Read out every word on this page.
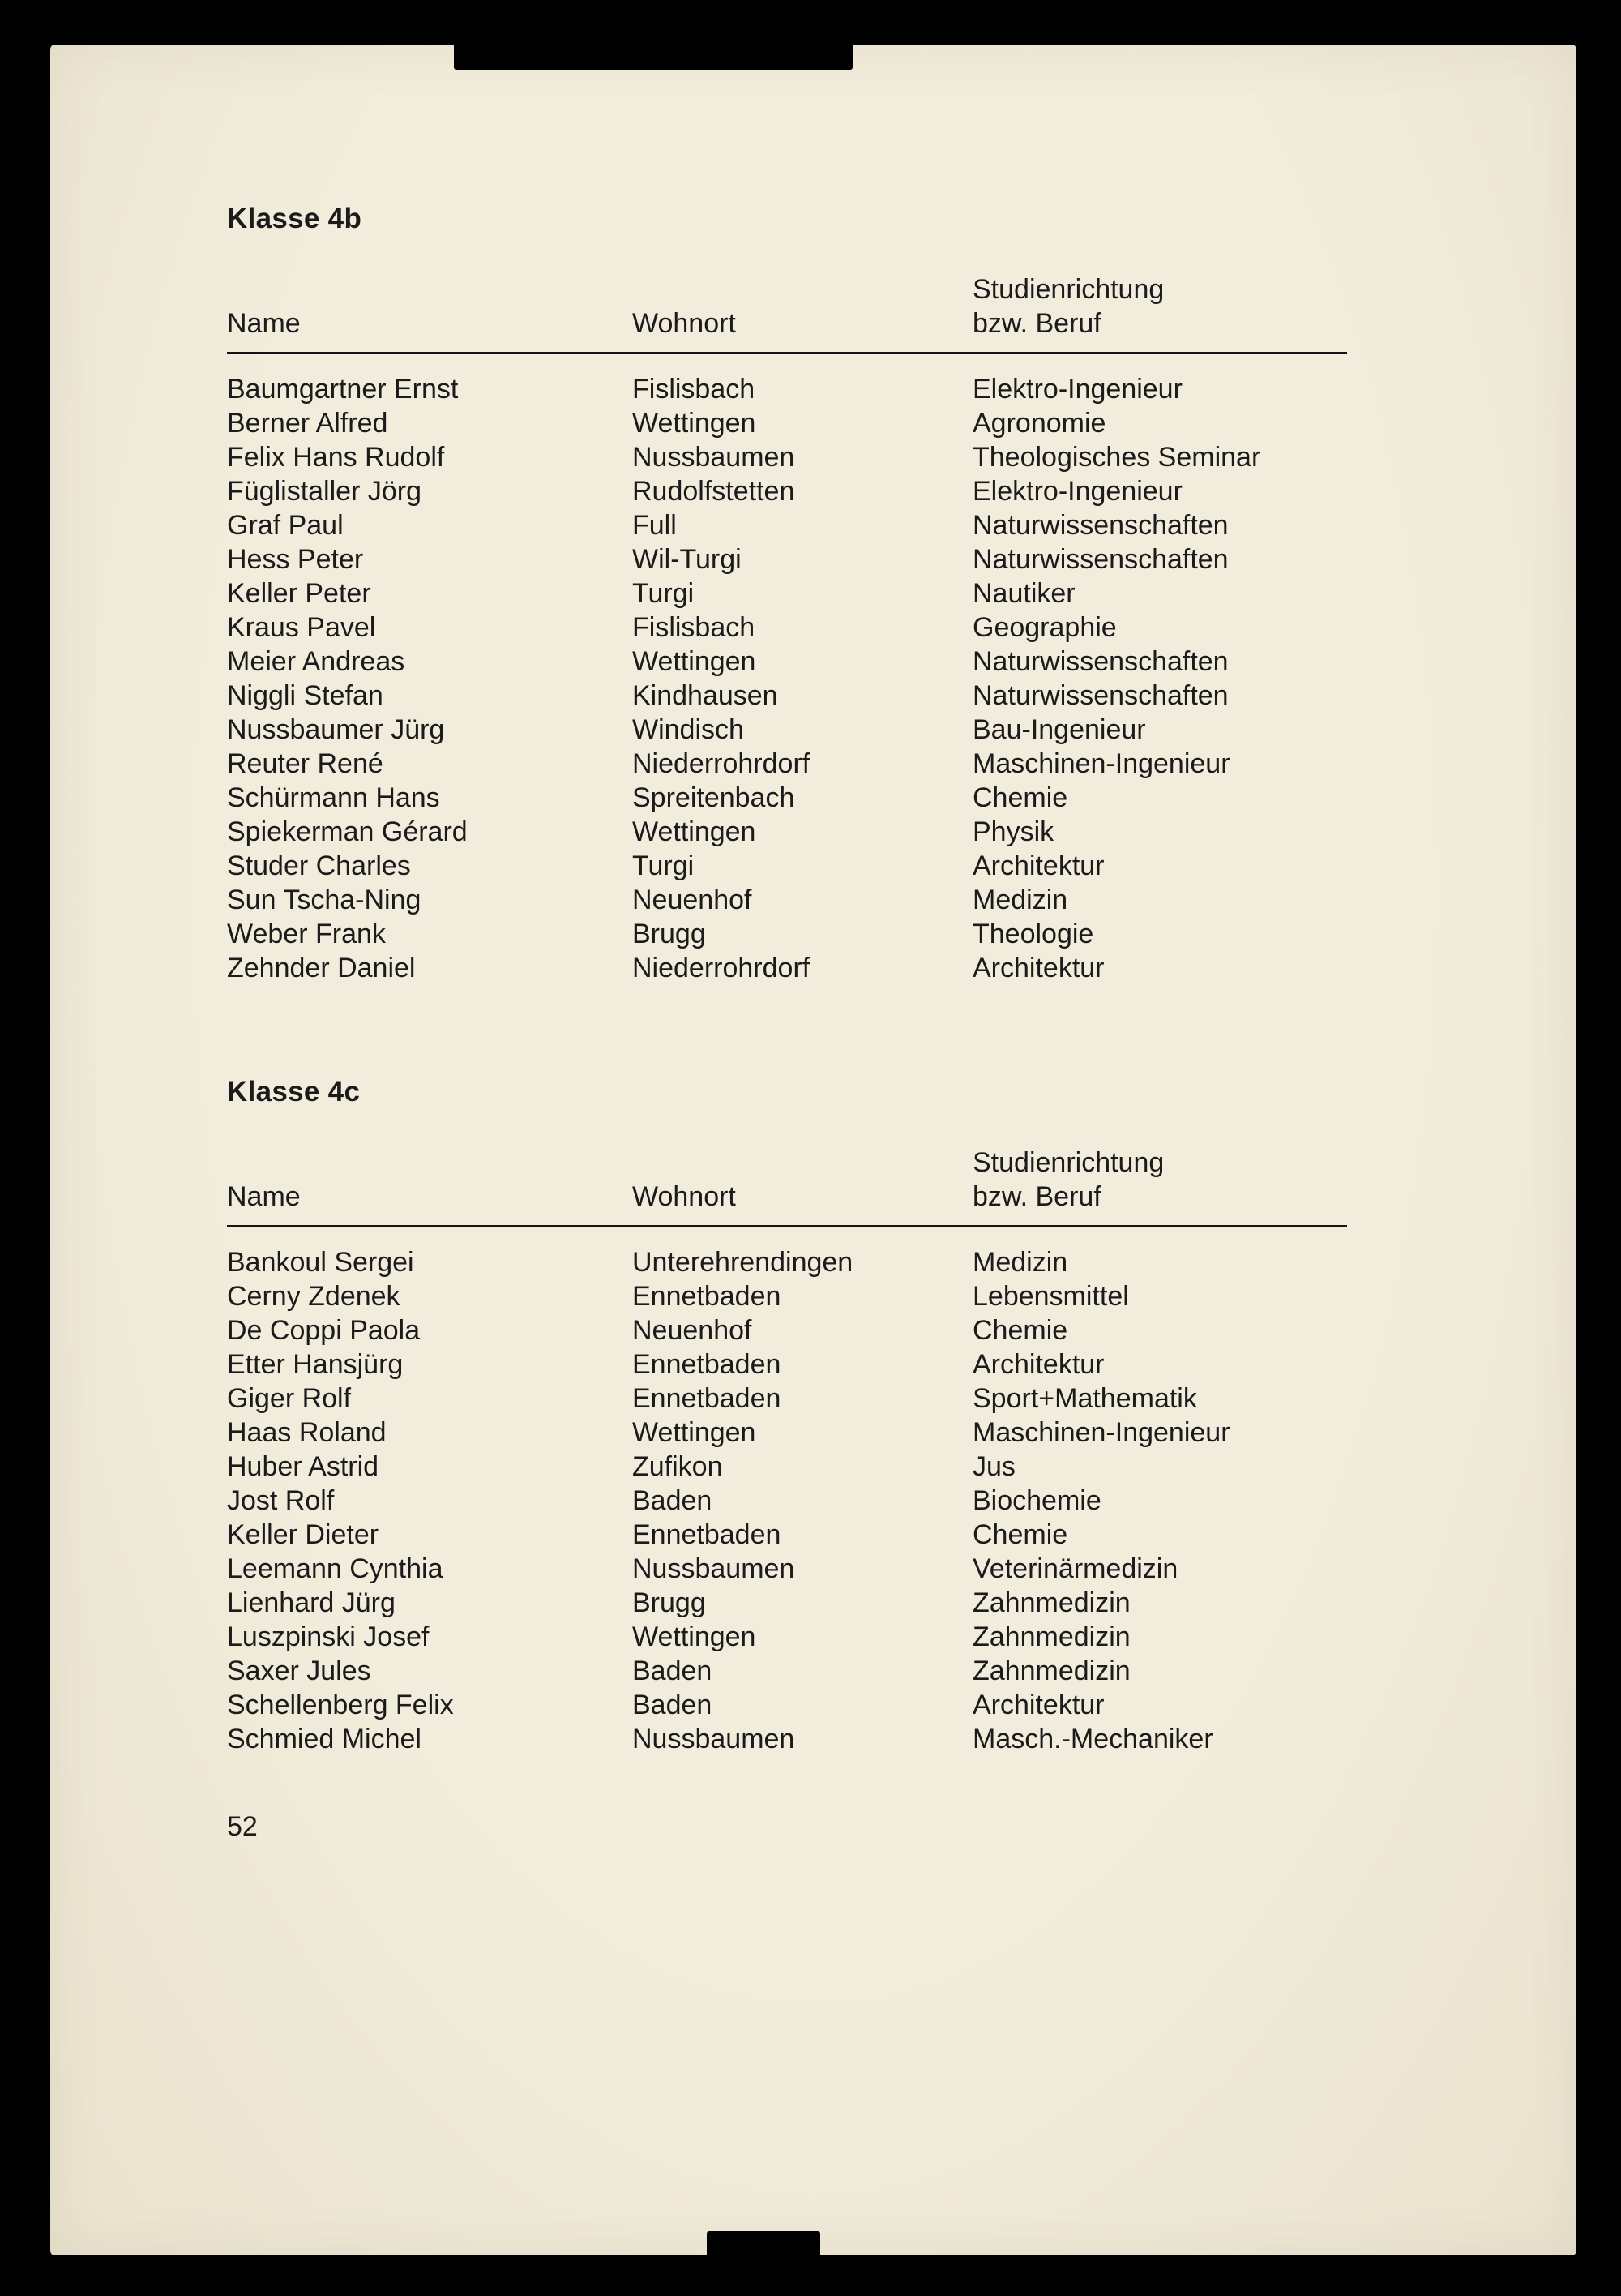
Klasse 4b
Studienrichtung
Name	Wohnort	bzw. Beruf
Baumgartner Ernst	Fislisbach	Elektro-Ingenieur
Berner Alfred	Wettingen	Agronomie
Felix Hans Rudolf	Nussbaumen	Theologisches Seminar
Füglistaller Jörg	Rudolfstetten	Elektro-Ingenieur
Graf Paul	Full	Naturwissenschaften
Hess Peter	Wil-Turgi	Naturwissenschaften
Keller Peter	Turgi	Nautiker
Kraus Pavel	Fislisbach	Geographie
Meier Andreas	Wettingen	Naturwissenschaften
Niggli Stefan	Kindhausen	Naturwissenschaften
Nussbaumer Jürg	Windisch	Bau-Ingenieur
Reuter René	Niederrohrdorf	Maschinen-Ingenieur
Schürmann Hans	Spreitenbach	Chemie
Spiekerman Gérard	Wettingen	Physik
Studer Charles	Turgi	Architektur
Sun Tscha-Ning	Neuenhof	Medizin
Weber Frank	Brugg	Theologie
Zehnder Daniel	Niederrohrdorf	Architektur
Klasse 4c
Studienrichtung
Name	Wohnort	bzw. Beruf
Bankoul Sergei	Unterehrendingen	Medizin
Cerny Zdenek	Ennetbaden	Lebensmittel
De Coppi Paola	Neuenhof	Chemie
Etter Hansjürg	Ennetbaden	Architektur
Giger Rolf	Ennetbaden	Sport+Mathematik
Haas Roland	Wettingen	Maschinen-Ingenieur
Huber Astrid	Zufikon	Jus
Jost Rolf	Baden	Biochemie
Keller Dieter	Ennetbaden	Chemie
Leemann Cynthia	Nussbaumen	Veterinärmedizin
Lienhard Jürg	Brugg	Zahnmedizin
Luszpinski Josef	Wettingen	Zahnmedizin
Saxer Jules	Baden	Zahnmedizin
Schellenberg Felix	Baden	Architektur
Schmied Michel	Nussbaumen	Masch.-Mechaniker
52
